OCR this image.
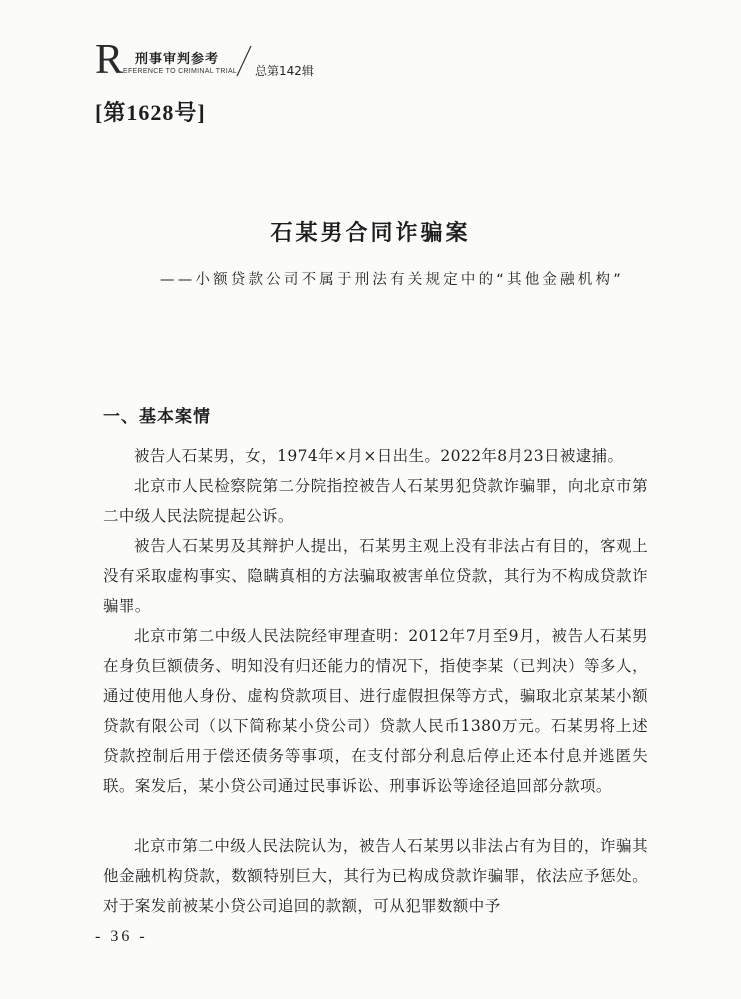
R 刑事审判参考
EFERENCE TO CRIMINAL TRIAL 总第142辑
[第1628号]
石某男合同诈骗案
——小额贷款公司不属于刑法有关规定中的“其他金融机构”
一、基本案情
被告人石某男，女，1974年×月×日出生。2022年8月23日被逮捕。
北京市人民检察院第二分院指控被告人石某男犯贷款诈骗罪，向北京市第二中级人民法院提起公诉。
被告人石某男及其辩护人提出，石某男主观上没有非法占有目的，客观上没有采取虚构事实、隐瞒真相的方法骗取被害单位贷款，其行为不构成贷款诈骗罪。
北京市第二中级人民法院经审理查明：2012年7月至9月，被告人石某男在身负巨额债务、明知没有归还能力的情况下，指使李某（已判决）等多人，通过使用他人身份、虚构贷款项目、进行虚假担保等方式，骗取北京某某小额贷款有限公司（以下简称某小贷公司）贷款人民币1380万元。石某男将上述贷款控制后用于偿还债务等事项，在支付部分利息后停止还本付息并逃匿失联。案发后，某小贷公司通过民事诉讼、刑事诉讼等途径追回部分款项。
北京市第二中级人民法院认为，被告人石某男以非法占有为目的，诈骗其他金融机构贷款，数额特别巨大，其行为已构成贷款诈骗罪，依法应予惩处。对于案发前被某小贷公司追回的款额，可从犯罪数额中予
- 36 -
